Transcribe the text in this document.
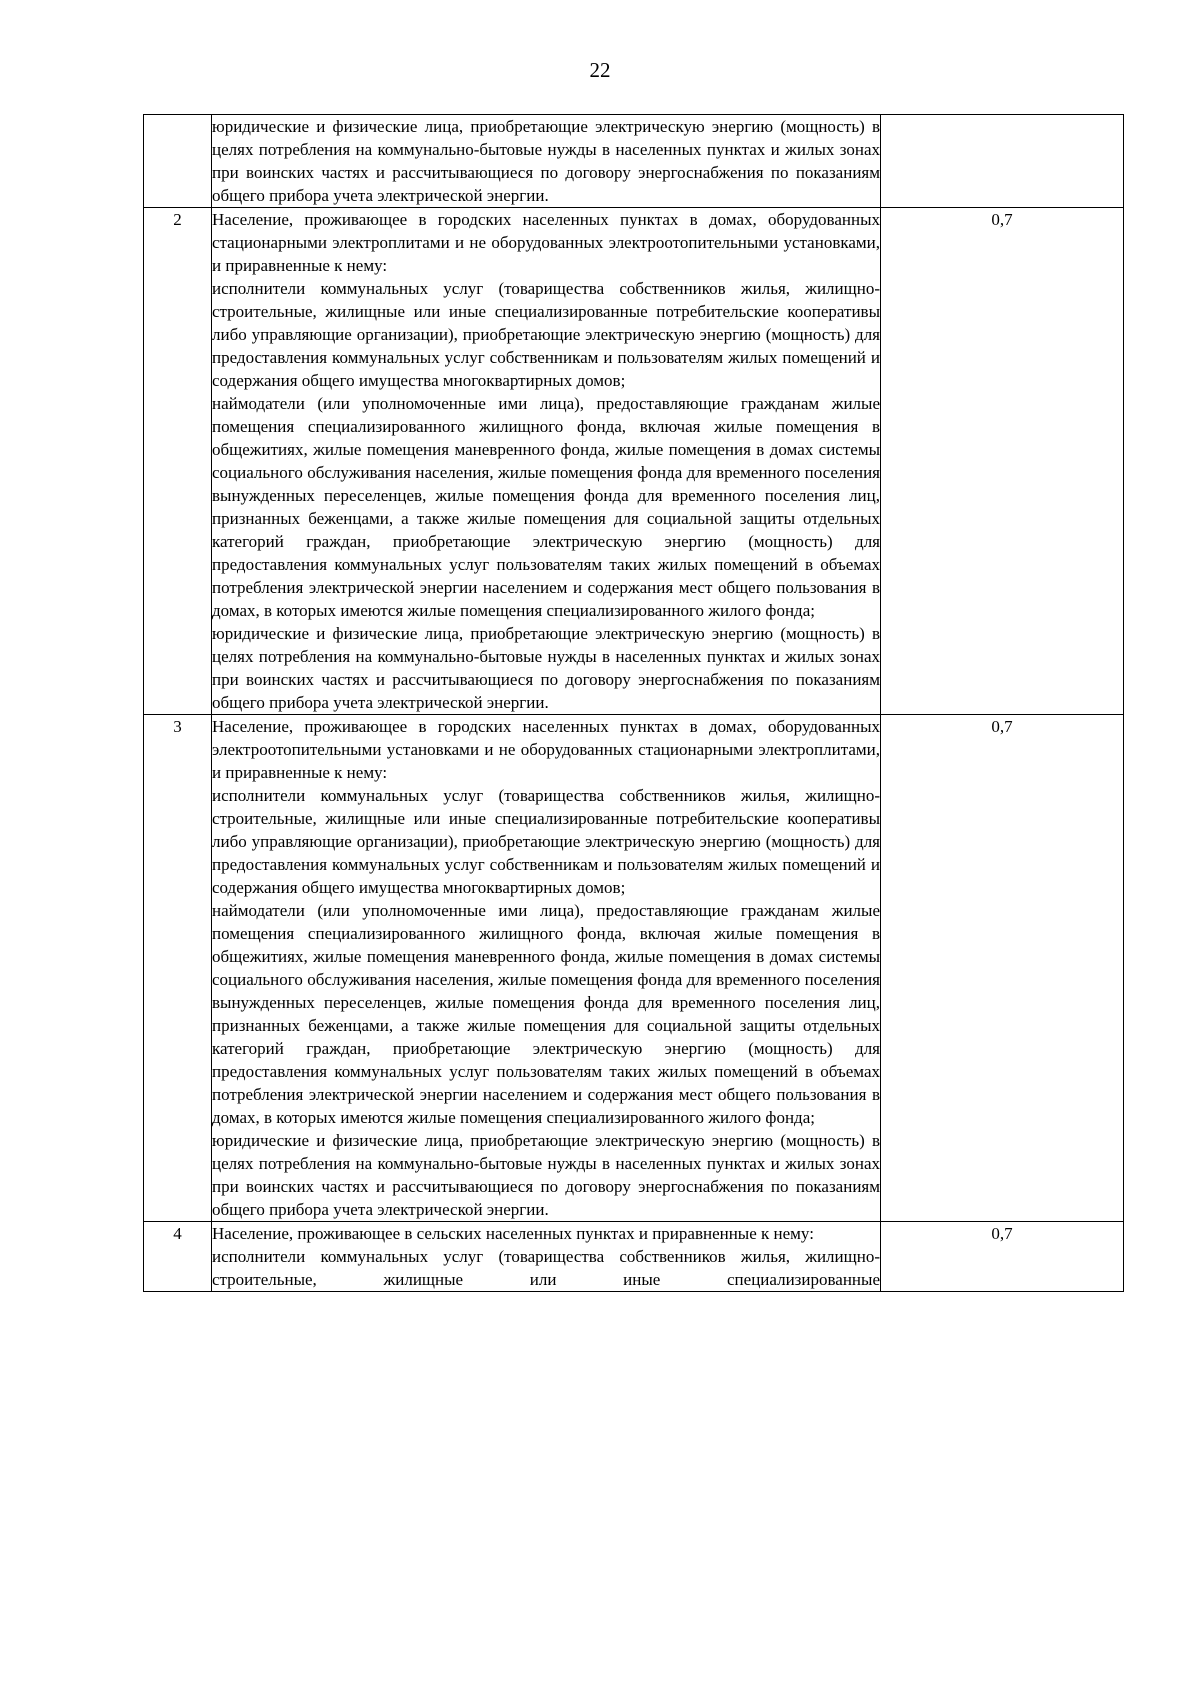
22

	юридические и физические лица, приобретающие электрическую энергию (мощность) в целях потребления на коммунально-бытовые нужды в населенных пунктах и жилых зонах при воинских частях и рассчитывающиеся по договору энергоснабжения по показаниям общего прибора учета электрической энергии.	

2	Население, проживающее в городских населенных пунктах в домах, оборудованных стационарными электроплитами и не оборудованных электроотопительными установками, и приравненные к нему:

исполнители коммунальных услуг (товарищества собственников жилья, жилищно-строительные, жилищные или иные специализированные потребительские кооперативы либо управляющие организации), приобретающие электрическую энергию (мощность) для предоставления коммунальных услуг собственникам и пользователям жилых помещений и содержания общего имущества многоквартирных домов;

наймодатели (или уполномоченные ими лица), предоставляющие гражданам жилые помещения специализированного жилищного фонда, включая жилые помещения в общежитиях, жилые помещения маневренного фонда, жилые помещения в домах системы социального обслуживания населения, жилые помещения фонда для временного поселения вынужденных переселенцев, жилые помещения фонда для временного поселения лиц, признанных беженцами, а также жилые помещения для социальной защиты отдельных категорий граждан, приобретающие электрическую энергию (мощность) для предоставления коммунальных услуг пользователям таких жилых помещений в объемах потребления электрической энергии населением и содержания мест общего пользования в домах, в которых имеются жилые помещения специализированного жилого фонда;

юридические и физические лица, приобретающие электрическую энергию (мощность) в целях потребления на коммунально-бытовые нужды в населенных пунктах и жилых зонах при воинских частях и рассчитывающиеся по договору энергоснабжения по показаниям общего прибора учета электрической энергии.	0,7
3	Население, проживающее в городских населенных пунктах в домах, оборудованных электроотопительными установками и не оборудованных стационарными электроплитами, и приравненные к нему:

исполнители коммунальных услуг (товарищества собственников жилья, жилищно-строительные, жилищные или иные специализированные потребительские кооперативы либо управляющие организации), приобретающие электрическую энергию (мощность) для предоставления коммунальных услуг собственникам и пользователям жилых помещений и содержания общего имущества многоквартирных домов;

наймодатели (или уполномоченные ими лица), предоставляющие гражданам жилые помещения специализированного жилищного фонда, включая жилые помещения в общежитиях, жилые помещения маневренного фонда, жилые помещения в домах системы социального обслуживания населения, жилые помещения фонда для временного поселения вынужденных переселенцев, жилые помещения фонда для временного поселения лиц, признанных беженцами, а также жилые помещения для социальной защиты отдельных категорий граждан, приобретающие электрическую энергию (мощность) для предоставления коммунальных услуг пользователям таких жилых помещений в объемах потребления электрической энергии населением и содержания мест общего пользования в домах, в которых имеются жилые помещения специализированного жилого фонда;

юридические и физические лица, приобретающие электрическую энергию (мощность) в целях потребления на коммунально-бытовые нужды в населенных пунктах и жилых зонах при воинских частях и рассчитывающиеся по договору энергоснабжения по показаниям общего прибора учета электрической энергии.	0,7
4	Население, проживающее в сельских населенных пунктах и приравненные к нему:

исполнители коммунальных услуг (товарищества собственников жилья, жилищно-строительные, жилищные или иные специализированные	0,7
